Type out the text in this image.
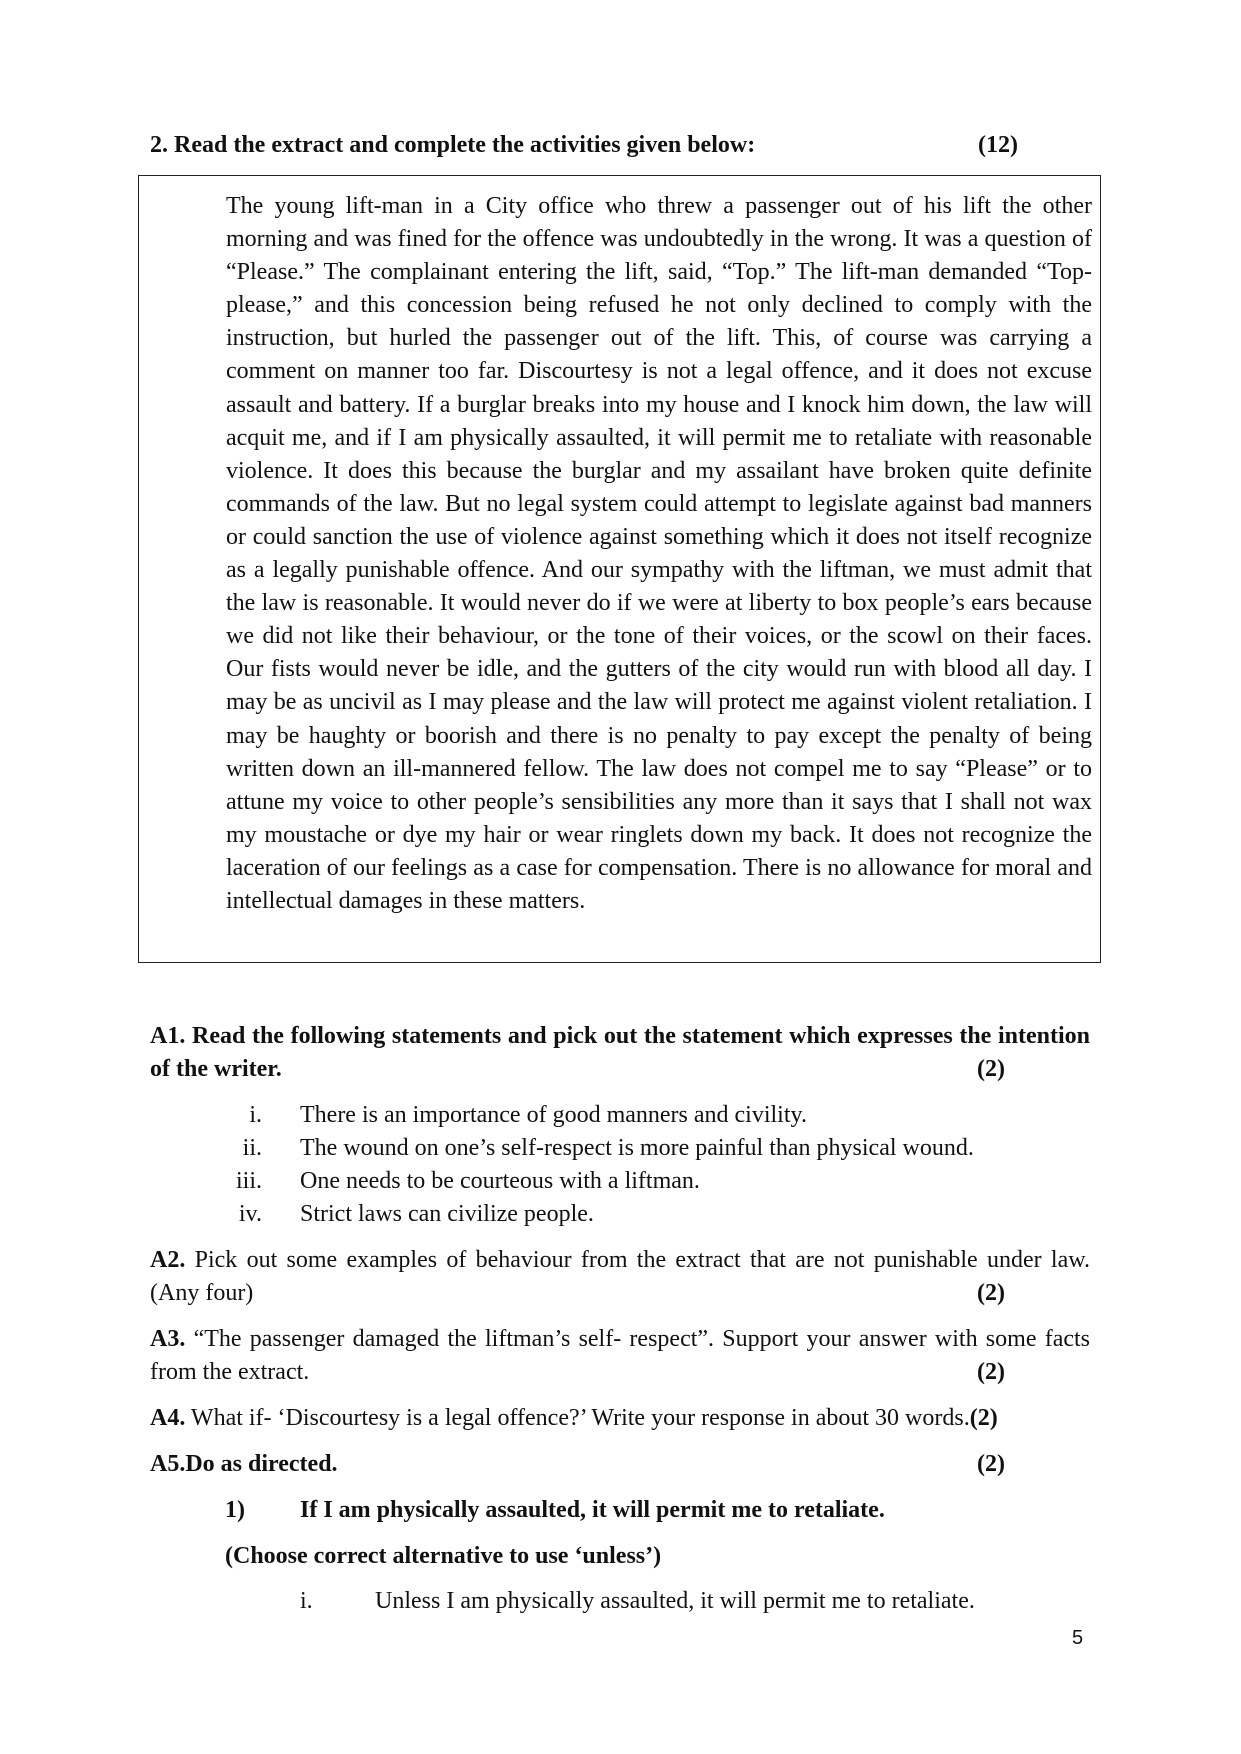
2. Read the extract and complete the activities given below:	(12)

The young lift-man in a City office who threw a passenger out of his lift the other morning and was fined for the offence was undoubtedly in the wrong. It was a question of “Please.” The complainant entering the lift, said, “Top.” The lift-man demanded “Top-please,” and this concession being refused he not only declined to comply with the instruction, but hurled the passenger out of the lift. This, of course was carrying a comment on manner too far. Discourtesy is not a legal offence, and it does not excuse assault and battery. If a burglar breaks into my house and I knock him down, the law will acquit me, and if I am physically assaulted, it will permit me to retaliate with reasonable violence. It does this because the burglar and my assailant have broken quite definite commands of the law. But no legal system could attempt to legislate against bad manners or could sanction the use of violence against something which it does not itself recognize as a legally punishable offence. And our sympathy with the liftman, we must admit that the law is reasonable. It would never do if we were at liberty to box people’s ears because we did not like their behaviour, or the tone of their voices, or the scowl on their faces. Our fists would never be idle, and the gutters of the city would run with blood all day. I may be as uncivil as I may please and the law will protect me against violent retaliation. I may be haughty or boorish and there is no penalty to pay except the penalty of being written down an ill-mannered fellow. The law does not compel me to say “Please” or to attune my voice to other people’s sensibilities any more than it says that I shall not wax my moustache or dye my hair or wear ringlets down my back. It does not recognize the laceration of our feelings as a case for compensation. There is no allowance for moral and intellectual damages in these matters.

A1. Read the following statements and pick out the statement which expresses the intention of the writer.	(2)
i. There is an importance of good manners and civility.
ii. The wound on one’s self-respect is more painful than physical wound.
iii. One needs to be courteous with a liftman.
iv. Strict laws can civilize people.
A2. Pick out some examples of behaviour from the extract that are not punishable under law. (Any four)	(2)
A3. “The passenger damaged the liftman’s self- respect”. Support your answer with some facts from the extract.	(2)
A4. What if- ‘Discourtesy is a legal offence?’ Write your response in about 30 words.(2)
A5.Do as directed.	(2)
1) If I am physically assaulted, it will permit me to retaliate.
(Choose correct alternative to use ‘unless’)
i.	Unless I am physically assaulted, it will permit me to retaliate.
5
